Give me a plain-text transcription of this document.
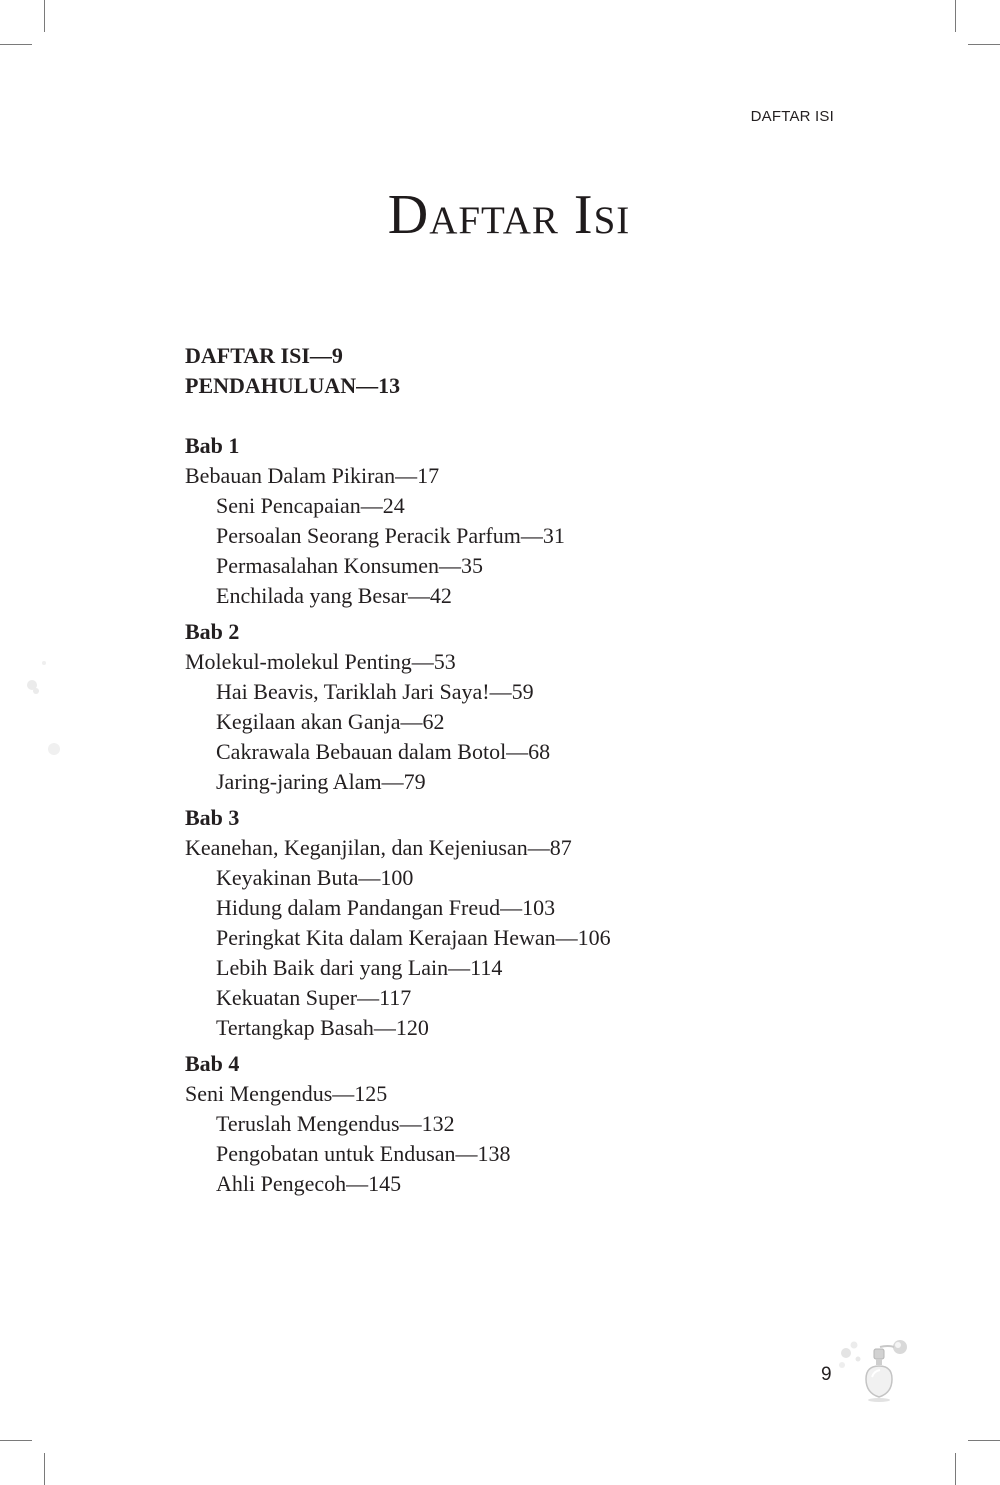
DAFTAR ISI
Daftar Isi
DAFTAR ISI—9
PENDAHULUAN—13
Bab 1
Bebauan Dalam Pikiran—17
Seni Pencapaian—24
Persoalan Seorang Peracik Parfum—31
Permasalahan Konsumen—35
Enchilada yang Besar—42
Bab 2
Molekul-molekul Penting—53
Hai Beavis, Tariklah Jari Saya!—59
Kegilaan akan Ganja—62
Cakrawala Bebauan dalam Botol—68
Jaring-jaring Alam—79
Bab 3
Keanehan, Keganjilan, dan Kejeniusan—87
Keyakinan Buta—100
Hidung dalam Pandangan Freud—103
Peringkat Kita dalam Kerajaan Hewan—106
Lebih Baik dari yang Lain—114
Kekuatan Super—117
Tertangkap Basah—120
Bab 4
Seni Mengendus—125
Teruslah Mengendus—132
Pengobatan untuk Endusan—138
Ahli Pengecoh—145
9
